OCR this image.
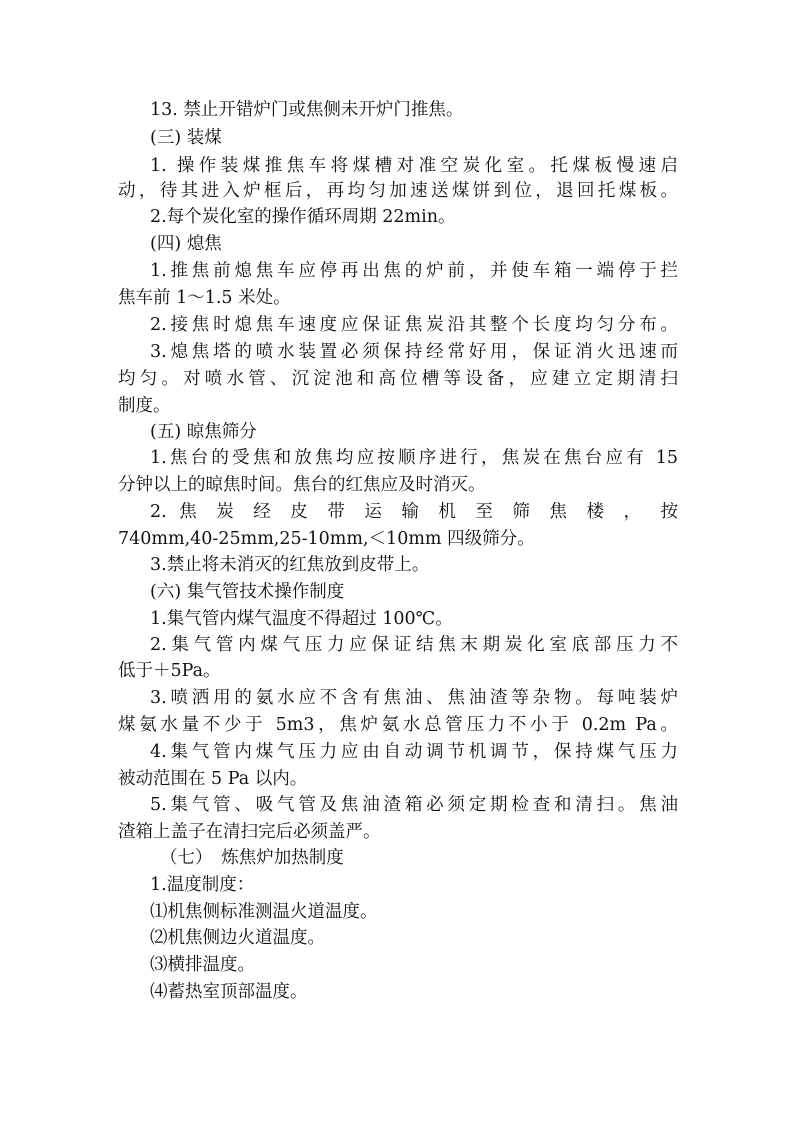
13. 禁止开错炉门或焦侧未开炉门推焦。
(三) 装煤
1. 操作装煤推焦车将煤槽对准空炭化室。托煤板慢速启
动，待其进入炉框后，再均匀加速送煤饼到位，退回托煤板。
2.每个炭化室的操作循环周期 22min。
(四) 熄焦
1.推焦前熄焦车应停再出焦的炉前，并使车箱一端停于拦
焦车前 1～1.5 米处。
2.接焦时熄焦车速度应保证焦炭沿其整个长度均匀分布。
3.熄焦塔的喷水装置必须保持经常好用，保证消火迅速而
均匀。对喷水管、沉淀池和高位槽等设备，应建立定期清扫
制度。
(五) 晾焦筛分
1.焦台的受焦和放焦均应按顺序进行，焦炭在焦台应有 15
分钟以上的晾焦时间。焦台的红焦应及时消灭。
2. 焦 炭 经 皮 带 运 输 机 至 筛 焦 楼 ， 按
740mm,40-25mm,25-10mm,＜10mm 四级筛分。
3.禁止将未消灭的红焦放到皮带上。
(六) 集气管技术操作制度
1.集气管内煤气温度不得超过 100℃。
2.集气管内煤气压力应保证结焦末期炭化室底部压力不
低于＋5Pa。
3.喷洒用的氨水应不含有焦油、焦油渣等杂物。每吨装炉
煤氨水量不少于 5m3，焦炉氨水总管压力不小于 0.2m Pa。
4.集气管内煤气压力应由自动调节机调节，保持煤气压力
被动范围在 5 Pa 以内。
5.集气管、吸气管及焦油渣箱必须定期检查和清扫。焦油
渣箱上盖子在清扫完后必须盖严。
（七）　炼焦炉加热制度
1.温度制度：
⑴机焦侧标准测温火道温度。
⑵机焦侧边火道温度。
⑶横排温度。
⑷蓄热室顶部温度。
